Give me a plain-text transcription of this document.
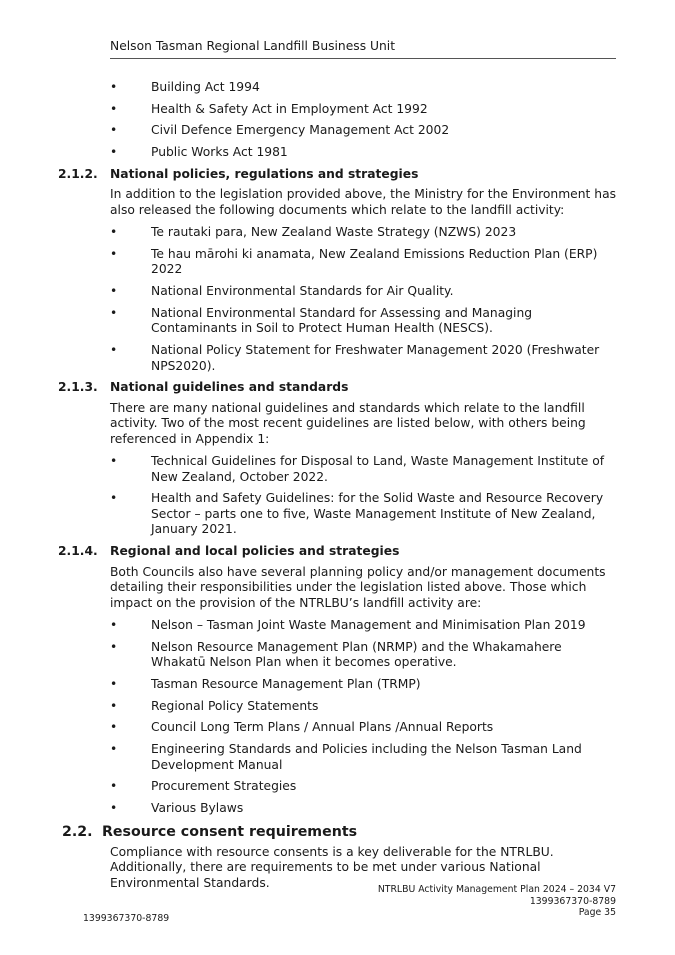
Nelson Tasman Regional Landfill Business Unit
• Building Act 1994
• Health & Safety Act in Employment Act 1992
• Civil Defence Emergency Management Act 2002
• Public Works Act 1981
2.1.2.	National policies, regulations and strategies
In addition to the legislation provided above, the Ministry for the Environment has also released the following documents which relate to the landfill activity:
• Te rautaki para, New Zealand Waste Strategy (NZWS) 2023
• Te hau mārohi ki anamata, New Zealand Emissions Reduction Plan (ERP) 2022
• National Environmental Standards for Air Quality.
• National Environmental Standard for Assessing and Managing Contaminants in Soil to Protect Human Health (NESCS).
• National Policy Statement for Freshwater Management 2020 (Freshwater NPS2020).
2.1.3.	National guidelines and standards
There are many national guidelines and standards which relate to the landfill activity. Two of the most recent guidelines are listed below, with others being referenced in Appendix 1:
• Technical Guidelines for Disposal to Land, Waste Management Institute of New Zealand, October 2022.
• Health and Safety Guidelines: for the Solid Waste and Resource Recovery Sector – parts one to five, Waste Management Institute of New Zealand, January 2021.
2.1.4.	Regional and local policies and strategies
Both Councils also have several planning policy and/or management documents detailing their responsibilities under the legislation listed above. Those which impact on the provision of the NTRLBU’s landfill activity are:
• Nelson – Tasman Joint Waste Management and Minimisation Plan 2019
• Nelson Resource Management Plan (NRMP) and the Whakamahere Whakatū Nelson Plan when it becomes operative.
• Tasman Resource Management Plan (TRMP)
• Regional Policy Statements
• Council Long Term Plans / Annual Plans /Annual Reports
• Engineering Standards and Policies including the Nelson Tasman Land Development Manual
• Procurement Strategies
• Various Bylaws
2.2. Resource consent requirements
Compliance with resource consents is a key deliverable for the NTRLBU. Additionally, there are requirements to be met under various National Environmental Standards.
1399367370-8789
NTRLBU Activity Management Plan 2024 – 2034 V7
1399367370-8789
Page 35
